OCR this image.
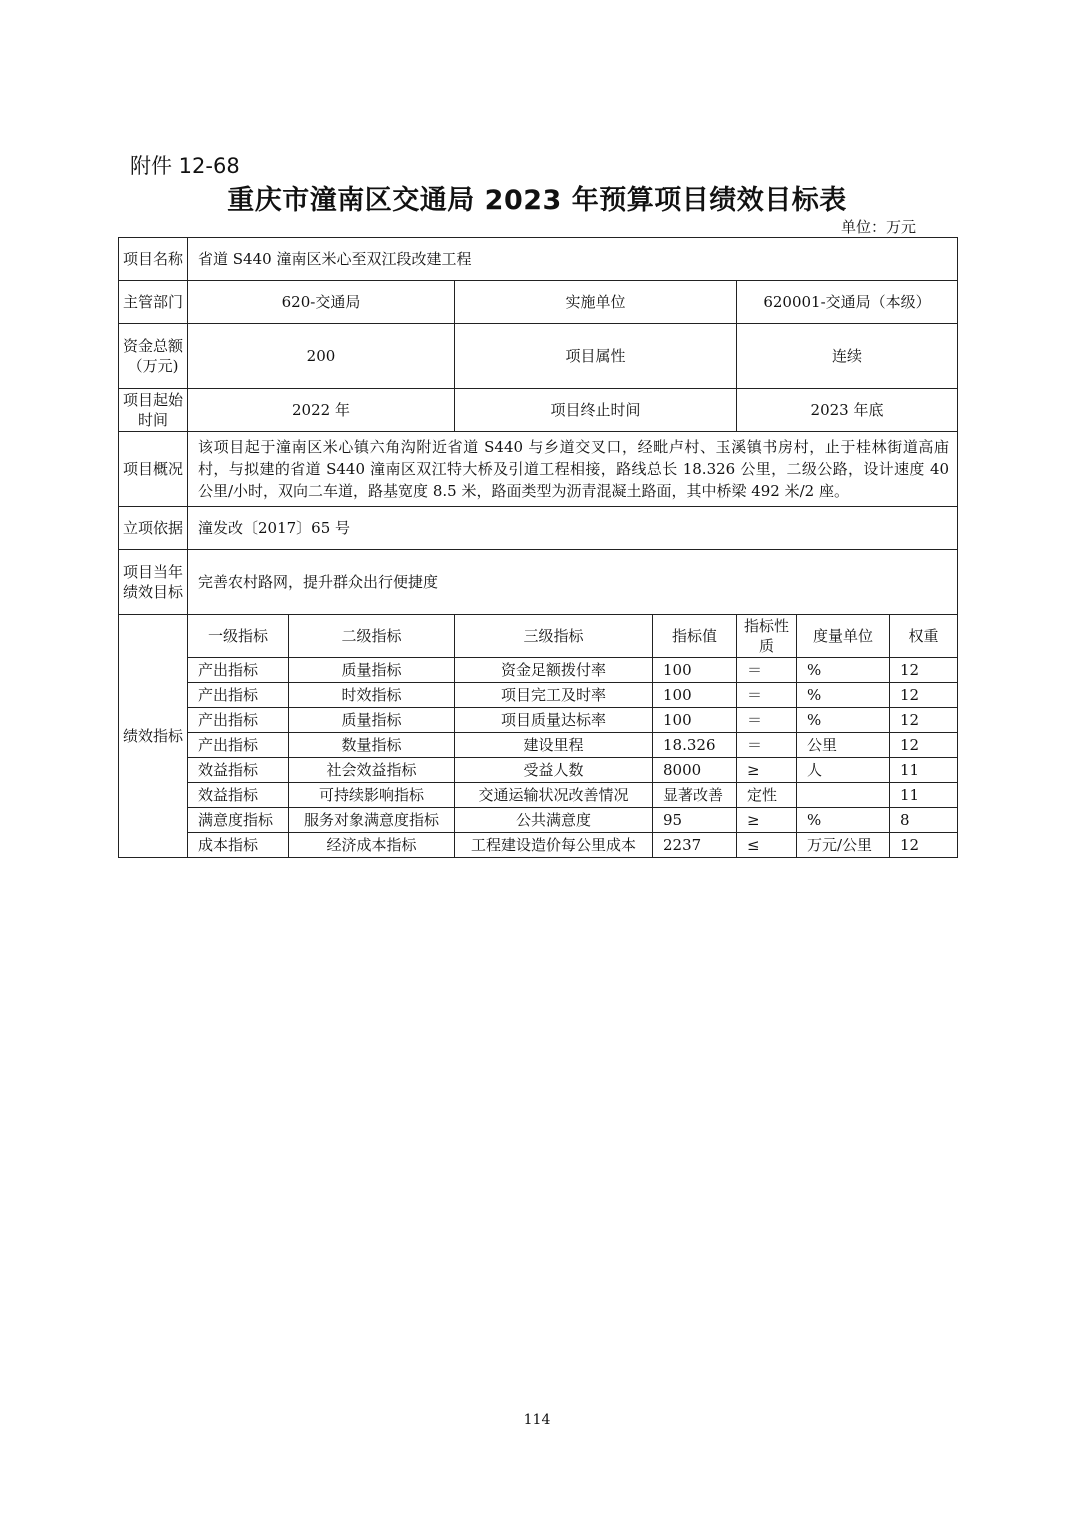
附件 12-68
重庆市潼南区交通局 2023 年预算项目绩效目标表
单位：万元
项目名称	省道 S440 潼南区米心至双江段改建工程						
主管部门	620-交通局		实施单位		620001-交通局（本级）		
资金总额（万元)	200		项目属性		连续		
项目起始时间	2022 年		项目终止时间		2023 年底		
项目概况	该项目起于潼南区米心镇六角沟附近省道 S440 与乡道交叉口，经毗卢村、玉溪镇书房村，止于桂林街道高庙村，与拟建的省道 S440 潼南区双江特大桥及引道工程相接，路线总长 18.326 公里，二级公路，设计速度 40 公里/小时，双向二车道，路基宽度 8.5 米，路面类型为沥青混凝土路面，其中桥梁 492 米/2 座。						
立项依据	潼发改〔2017〕65 号						
项目当年绩效目标	完善农村路网，提升群众出行便捷度						
绩效指标	一级指标	二级指标	三级指标	指标值	指标性质	度量单位	权重
	产出指标	质量指标	资金足额拨付率	100	＝	%	12
	产出指标	时效指标	项目完工及时率	100	＝	%	12
	产出指标	质量指标	项目质量达标率	100	＝	%	12
	产出指标	数量指标	建设里程	18.326	＝	公里	12
	效益指标	社会效益指标	受益人数	8000	≥	人	11
	效益指标	可持续影响指标	交通运输状况改善情况	显著改善	定性		11
	满意度指标	服务对象满意度指标	公共满意度	95	≥	%	8
	成本指标	经济成本指标	工程建设造价每公里成本	2237	≤	万元/公里	12
114
